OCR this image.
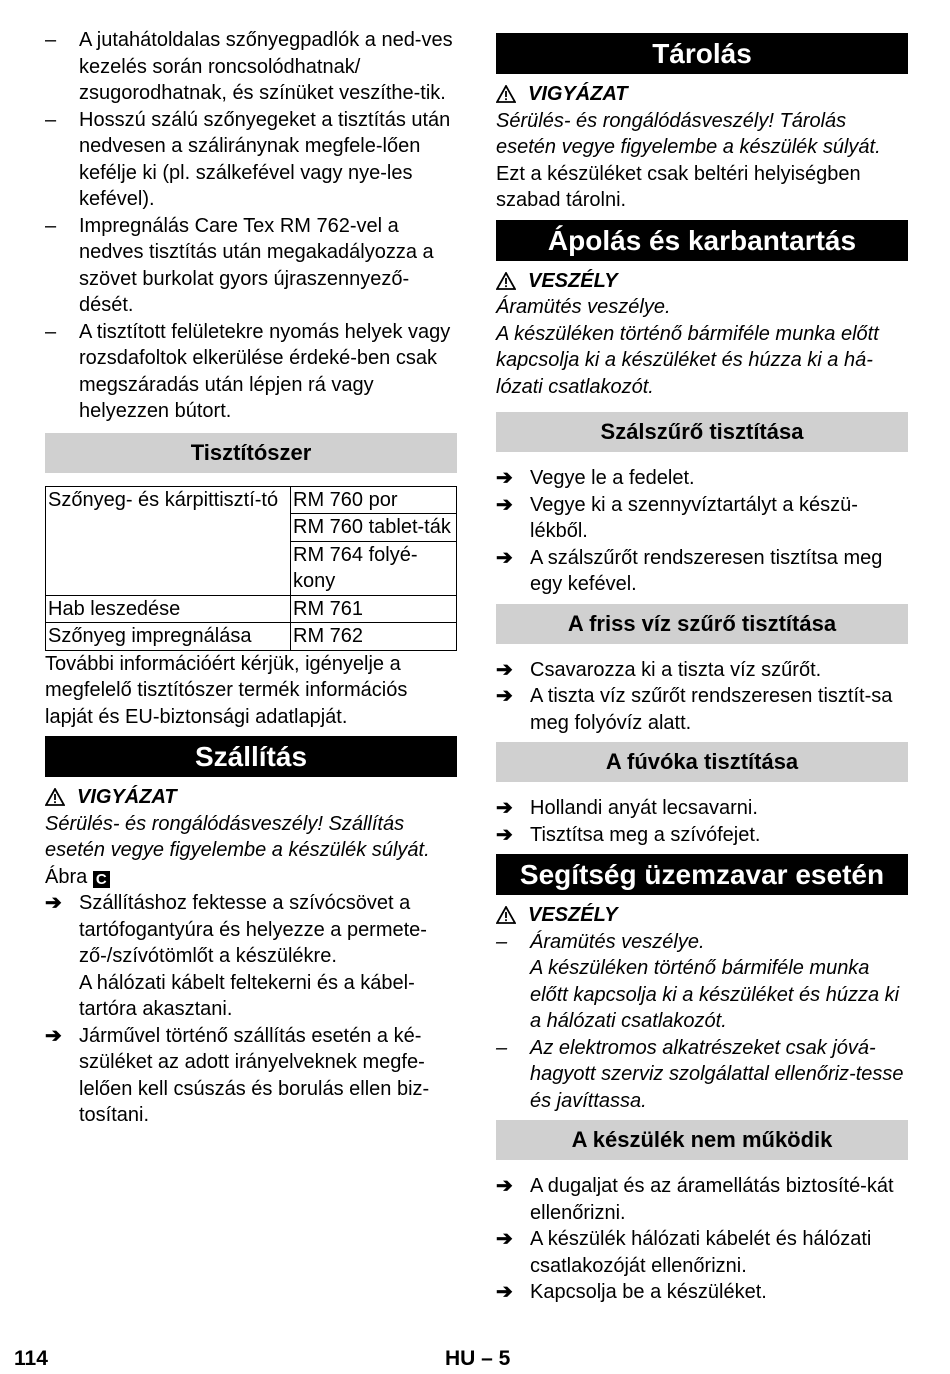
– A jutahátoldalas szőnyegpadlók a ned-ves kezelés során roncsolódhatnak/ zsugorodhatnak, és színüket veszíthe-tik.
– Hosszú szálú szőnyegeket a tisztítás után nedvesen a száliránynak megfele-lően kefélje ki (pl. szálkefével vagy nye-les kefével).
– Impregnálás Care Tex RM 762-vel a nedves tisztítás után megakadályozza a szövet burkolat gyors újraszennyező-dését.
– A tisztított felületekre nyomás helyek vagy rozsdafoltok elkerülése érdeké-ben csak megszáradás után lépjen rá vagy helyezzen bútort.
Tisztítószer
Szőnyeg- és kárpittisztí-tó	RM 760 por
	RM 760 tablet-ták
	RM 764 folyé-kony
Hab leszedése	RM 761
Szőnyeg impregnálása	RM 762

További információért kérjük, igényelje a megfelelő tisztítószer termék információs lapját és EU-biztonsági adatlapját.

Szállítás
VIGYÁZAT

Sérülés- és rongálódásveszély! Szállítás esetén vegye figyelembe a készülék súlyát.

Ábra C

➔ Szállításhoz fektesse a szívócsövet a tartófogantyúra és helyezze a permete-ző-/szívótömlőt a készülékre.
A hálózati kábelt feltekerni és a kábel-tartóra akasztani.
➔ Járművel történő szállítás esetén a ké-szüléket az adott irányelveknek megfe-lelően kell csúszás és borulás ellen biz-tosítani.
Tárolás
VIGYÁZAT

Sérülés- és rongálódásveszély! Tárolás esetén vegye figyelembe a készülék súlyát.

Ezt a készüléket csak beltéri helyiségben szabad tárolni.

Ápolás és karbantartás
VESZÉLY

Áramütés veszélye.

A készüléken történő bármiféle munka előtt kapcsolja ki a készüléket és húzza ki a há-lózati csatlakozót.

Szálszűrő tisztítása
➔ Vegye le a fedelet.
➔ Vegye ki a szennyvíztartályt a készü-lékből.
➔ A szálszűrőt rendszeresen tisztítsa meg egy kefével.
A friss víz szűrő tisztítása
➔ Csavarozza ki a tiszta víz szűrőt.
➔ A tiszta víz szűrőt rendszeresen tisztít-sa meg folyóvíz alatt.
A fúvóka tisztítása
➔ Hollandi anyát lecsavarni.
➔ Tisztítsa meg a szívófejet.
Segítség üzemzavar esetén
VESZÉLY
– Áramütés veszélye.
A készüléken történő bármiféle munka előtt kapcsolja ki a készüléket és húzza ki a hálózati csatlakozót.
– Az elektromos alkatrészeket csak jóvá-hagyott szerviz szolgálattal ellenőriz-tesse és javíttassa.
A készülék nem működik
➔ A dugaljat és az áramellátás biztosíté-kát ellenőrizni.
➔ A készülék hálózati kábelét és hálózati csatlakozóját ellenőrizni.
➔ Kapcsolja be a készüléket.
114	HU – 5
